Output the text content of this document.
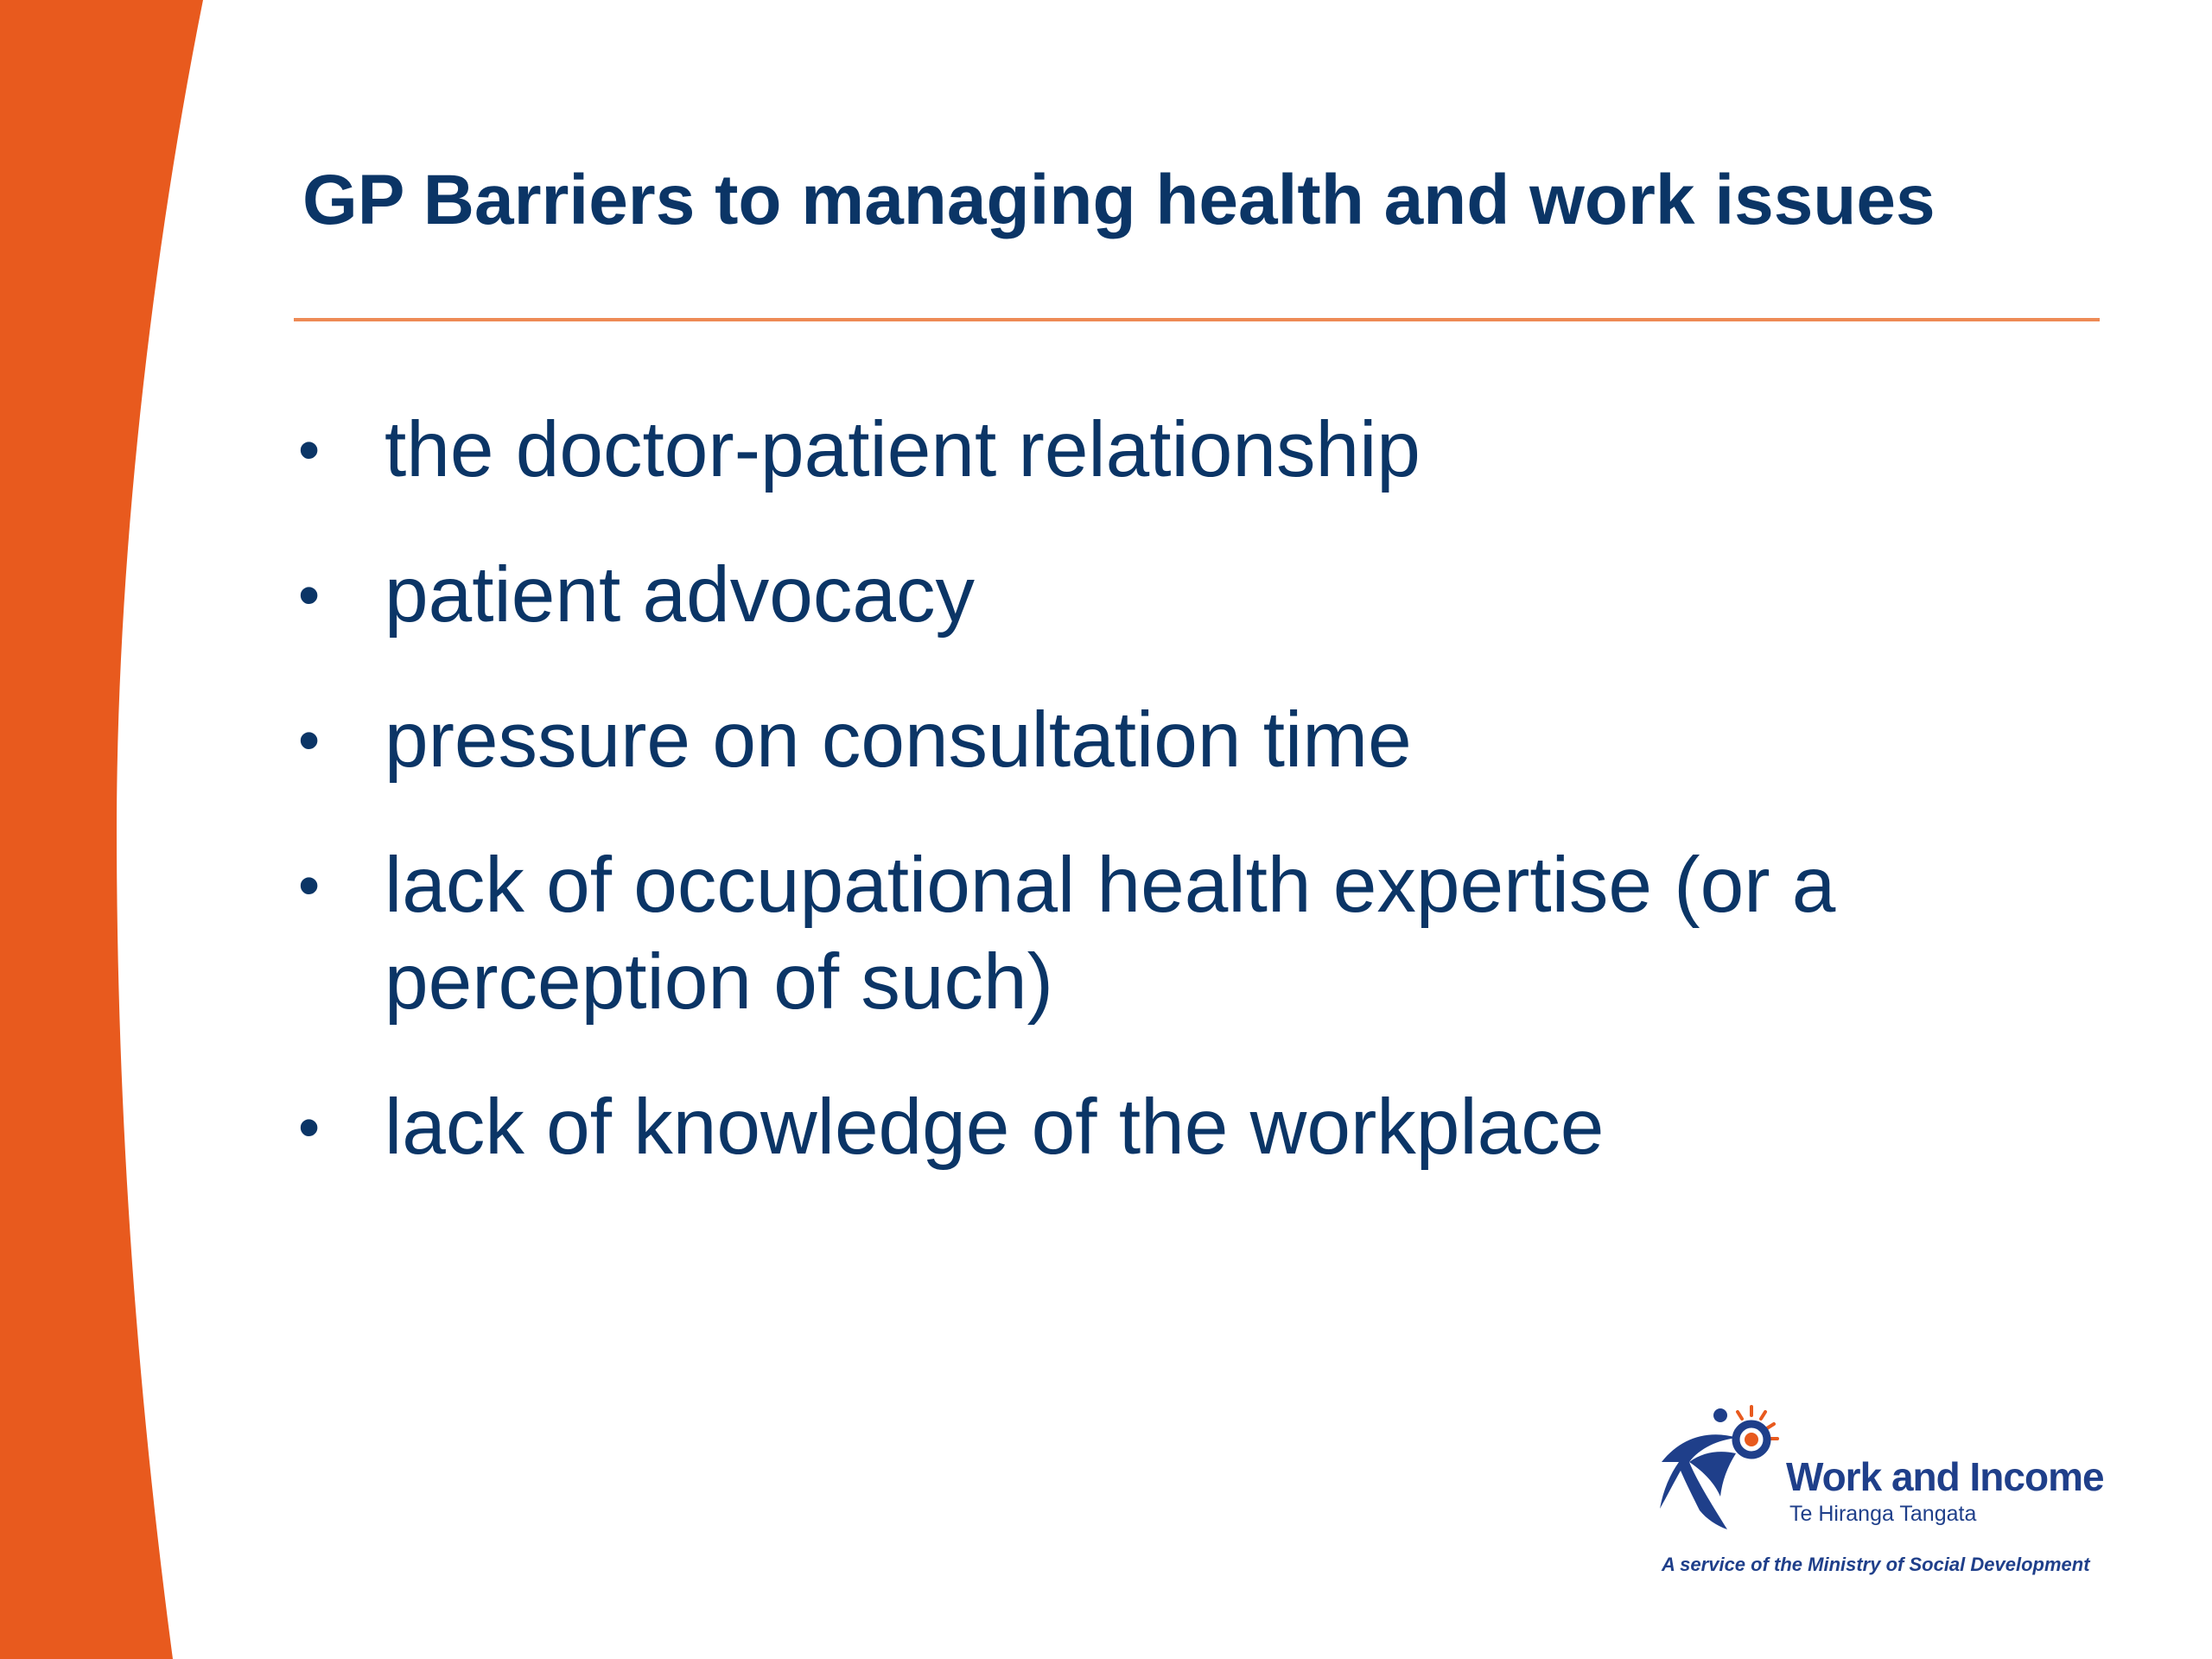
GP Barriers to managing health and work issues
• the doctor-patient relationship
• patient advocacy
• pressure on consultation time
• lack of occupational health expertise (or a perception of such)
• lack of knowledge of the workplace
Work and Income
Te Hiranga Tangata
A service of the Ministry of Social Development
